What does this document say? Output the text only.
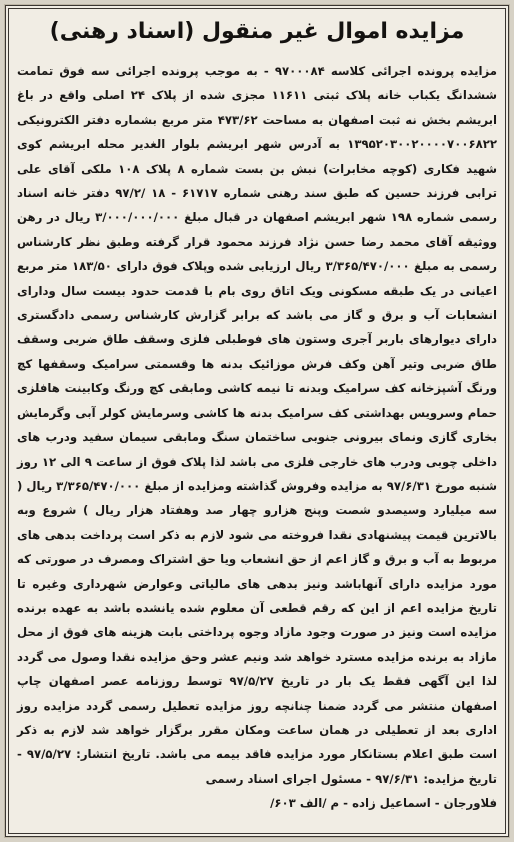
مزایده اموال غیر منقول (اسناد رهنی)

مزایده پرونده اجرائی کلاسه ۹۷۰۰۰۸۴ - به موجب پرونده اجرائی سه فوق تمامت ششدانگ یکباب خانه پلاک ثبتی ۱۱۶۱۱ مجزی شده از پلاک ۲۴ اصلی واقع در باغ ابریشم بخش نه ثبت اصفهان به مساحت ۴۷۳/۶۲ متر مربع بشماره دفتر الکترونیکی ۱۳۹۵۲۰۳۰۰۲۰۰۰۰۷۰۰۶۸۲۲ به آدرس شهر ابریشم بلوار الغدیر محله ابریشم کوی شهید فکاری (کوچه مخابرات) نبش بن بست شماره ۸ پلاک ۱۰۸ ملکی آقای علی ترابی فرزند حسین که طبق سند رهنی شماره ۶۱۷۱۷ - ۱۸ /۹۷/۲ دفتر خانه اسناد رسمی شماره ۱۹۸ شهر ابریشم اصفهان در قبال مبلغ ۳/۰۰۰/۰۰۰/۰۰۰ ریال در رهن ووثیقه آقای محمد رضا حسن نژاد فرزند محمود قرار گرفته وطبق نظر کارشناس رسمی به مبلغ ۳/۳۶۵/۴۷۰/۰۰۰ ریال ارزیابی شده وپلاک فوق دارای ۱۸۳/۵۰ متر مربع اعیانی در یک طبقه مسکونی ویک اتاق روی بام با قدمت حدود بیست سال ودارای انشعابات آب و برق و گاز می باشد که برابر گزارش کارشناس رسمی دادگستری دارای دیوارهای باربر آجری وستون های فوطبلی فلزی وسقف طاق ضربی وسقف طاق ضربی وتیر آهن وکف فرش موزائیک بدنه ها وقسمتی سرامیک وسقفها کچ ورنگ آشپزخانه کف سرامیک وبدنه تا نیمه کاشی ومابقی کچ ورنگ وکابینت هافلزی حمام وسرویس بهداشتی کف سرامیک بدنه ها کاشی وسرمایش کولر آبی وگرمایش بخاری گازی ونمای بیرونی جنوبی ساختمان سنگ ومابقی سیمان سفید ودرب های داخلی چوبی ودرب های خارجی فلزی می باشد لذا پلاک فوق از ساعت ۹ الی ۱۲ روز شنبه مورخ ۹۷/۶/۳۱ به مزایده وفروش گذاشته ومزایده از مبلغ ۳/۳۶۵/۴۷۰/۰۰۰ ریال ( سه میلیارد وسیصدو شصت وپنج هزارو چهار صد وهفتاد هزار ریال ) شروع وبه بالاترین قیمت پیشنهادی نقدا فروخته می شود لازم به ذکر است پرداخت بدهی های مربوط به آب و برق و گاز اعم از حق انشعاب ویا حق اشتراک ومصرف در صورتی که مورد مزایده دارای آنهاباشد ونیز بدهی های مالیاتی وعوارض شهرداری وغیره تا تاریخ مزایده اعم از این که رقم قطعی آن معلوم شده یانشده باشد به عهده برنده مزایده است ونیز در صورت وجود مازاد وجوه پرداختی بابت هزینه های فوق از محل مازاد به برنده مزایده مسترد خواهد شد ونیم عشر وحق مزایده نقدا وصول می گردد لذا این آگهی فقط یک بار در تاریخ ۹۷/۵/۲۷ توسط روزنامه عصر اصفهان چاپ اصفهان منتشر می گردد ضمنا چنانچه روز مزایده تعطیل رسمی گردد مزایده روز اداری بعد از تعطیلی در همان ساعت ومکان مقرر برگزار خواهد شد لازم به ذکر است طبق اعلام بستانکار مورد مزایده فاقد بیمه می باشد. تاریخ انتشار: ۹۷/۵/۲۷ - تاریخ مزایده: ۹۷/۶/۳۱ - مسئول اجرای اسناد رسمی

فلاورجان - اسماعیل زاده - م /الف ۶۰۳/
